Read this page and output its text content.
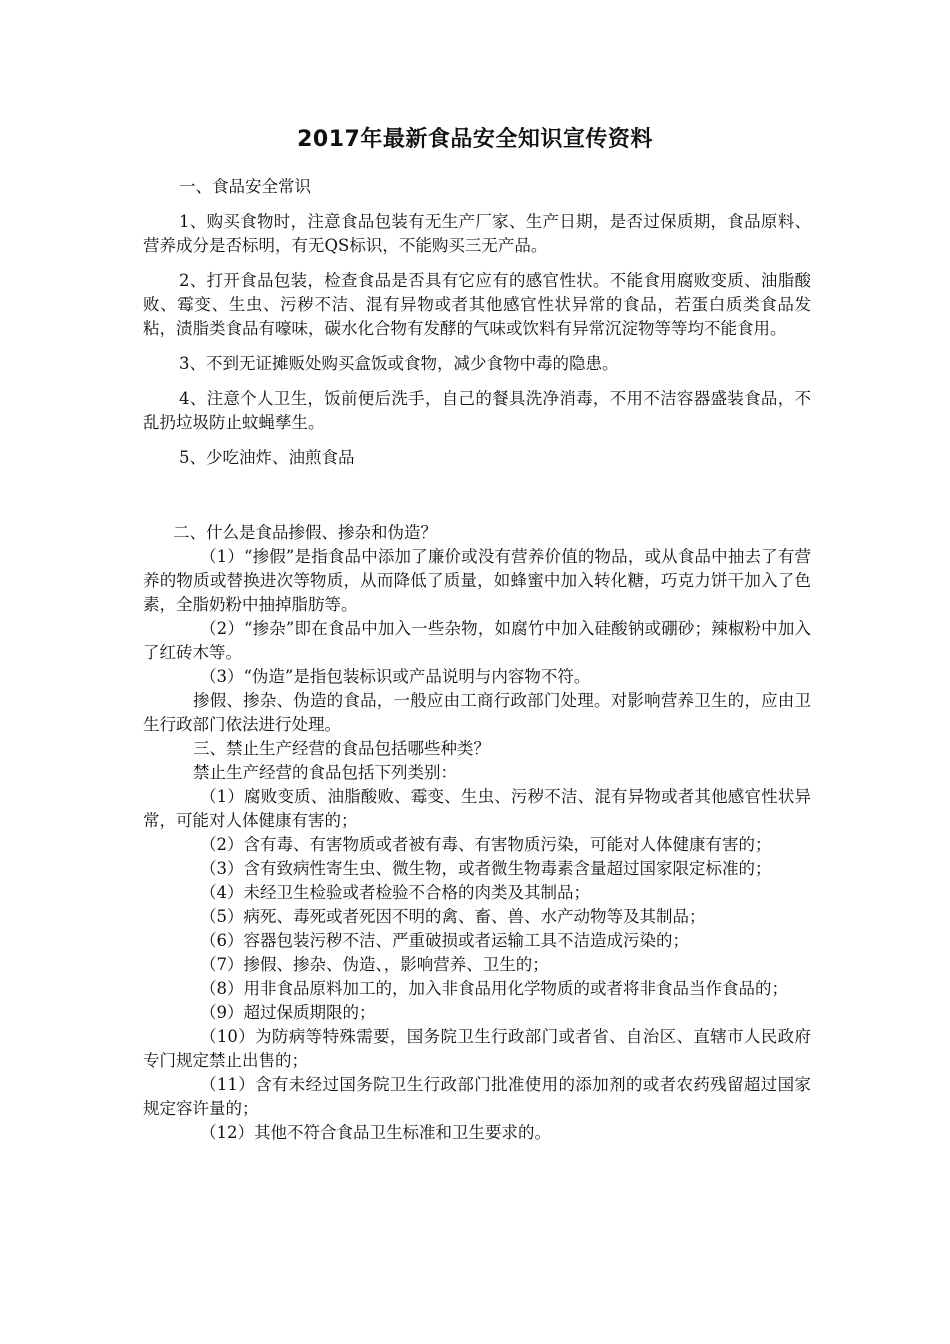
2017年最新食品安全知识宣传资料

一、食品安全常识

1、购买食物时，注意食品包装有无生产厂家、生产日期，是否过保质期，食品原料、营养成分是否标明，有无QS标识，不能购买三无产品。

2、打开食品包装，检查食品是否具有它应有的感官性状。不能食用腐败变质、油脂酸败、霉变、生虫、污秽不洁、混有异物或者其他感官性状异常的食品，若蛋白质类食品发粘，渍脂类食品有嚎味，碳水化合物有发酵的气味或饮料有异常沉淀物等等均不能食用。

3、不到无证摊贩处购买盒饭或食物，减少食物中毒的隐患。

4、注意个人卫生，饭前便后洗手，自己的餐具洗净消毒，不用不洁容器盛装食品，不乱扔垃圾防止蚊蝇孳生。

5、少吃油炸、油煎食品

二、什么是食品掺假、掺杂和伪造？

（1）“掺假”是指食品中添加了廉价或没有营养价值的物品，或从食品中抽去了有营养的物质或替换进次等物质，从而降低了质量，如蜂蜜中加入转化糖，巧克力饼干加入了色素，全脂奶粉中抽掉脂肪等。

（2）“掺杂”即在食品中加入一些杂物，如腐竹中加入硅酸钠或硼砂；辣椒粉中加入了红砖木等。

（3）“伪造”是指包装标识或产品说明与内容物不符。

掺假、掺杂、伪造的食品，一般应由工商行政部门处理。对影响营养卫生的，应由卫生行政部门依法进行处理。

三、禁止生产经营的食品包括哪些种类？

禁止生产经营的食品包括下列类别：

（1）腐败变质、油脂酸败、霉变、生虫、污秽不洁、混有异物或者其他感官性状异常，可能对人体健康有害的；

（2）含有毒、有害物质或者被有毒、有害物质污染，可能对人体健康有害的；

（3）含有致病性寄生虫、微生物，或者微生物毒素含量超过国家限定标准的；

（4）未经卫生检验或者检验不合格的肉类及其制品；

（5）病死、毒死或者死因不明的禽、畜、兽、水产动物等及其制品；

（6）容器包装污秽不洁、严重破损或者运输工具不洁造成污染的；

（7）掺假、掺杂、伪造、，影响营养、卫生的；

（8）用非食品原料加工的，加入非食品用化学物质的或者将非食品当作食品的；

（9）超过保质期限的；

（10）为防病等特殊需要，国务院卫生行政部门或者省、自治区、直辖市人民政府专门规定禁止出售的；

（11）含有未经过国务院卫生行政部门批准使用的添加剂的或者农药残留超过国家规定容许量的；

（12）其他不符合食品卫生标准和卫生要求的。
